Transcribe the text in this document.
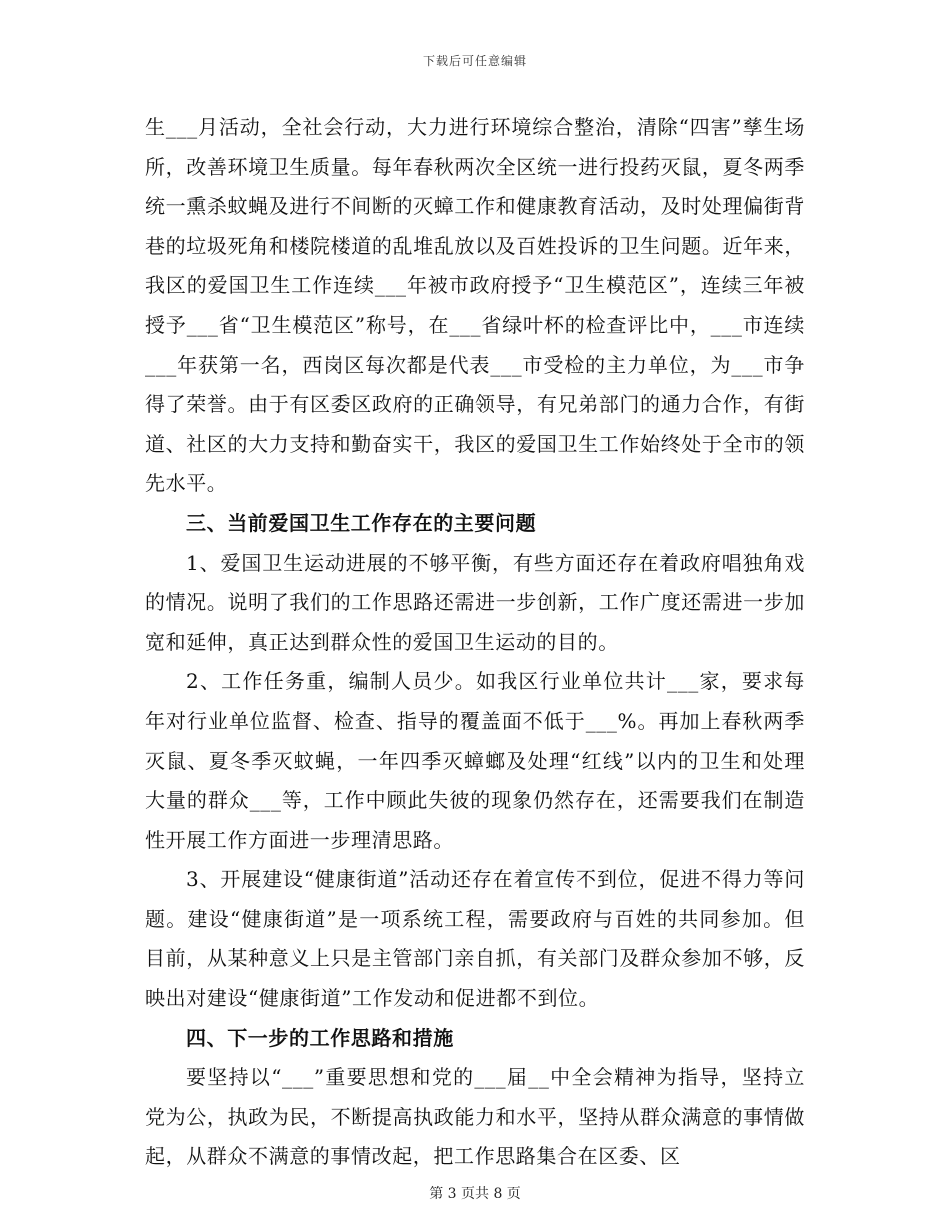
下载后可任意编辑

生___月活动，全社会行动，大力进行环境综合整治，清除“四害”孳生场所，改善环境卫生质量。每年春秋两次全区统一进行投药灭鼠，夏冬两季统一熏杀蚊蝇及进行不间断的灭蟑工作和健康教育活动，及时处理偏街背巷的垃圾死角和楼院楼道的乱堆乱放以及百姓投诉的卫生问题。近年来，我区的爱国卫生工作连续___年被市政府授予“卫生模范区”，连续三年被授予___省“卫生模范区”称号，在___省绿叶杯的检查评比中，___市连续___年获第一名，西岗区每次都是代表___市受检的主力单位，为___市争得了荣誉。由于有区委区政府的正确领导，有兄弟部门的通力合作，有街道、社区的大力支持和勤奋实干，我区的爱国卫生工作始终处于全市的领先水平。

三、当前爱国卫生工作存在的主要问题

1、爱国卫生运动进展的不够平衡，有些方面还存在着政府唱独角戏的情况。说明了我们的工作思路还需进一步创新，工作广度还需进一步加宽和延伸，真正达到群众性的爱国卫生运动的目的。

2、工作任务重，编制人员少。如我区行业单位共计___家，要求每年对行业单位监督、检查、指导的覆盖面不低于___%。再加上春秋两季灭鼠、夏冬季灭蚊蝇，一年四季灭蟑螂及处理“红线”以内的卫生和处理大量的群众___等，工作中顾此失彼的现象仍然存在，还需要我们在制造性开展工作方面进一步理清思路。

3、开展建设“健康街道”活动还存在着宣传不到位，促进不得力等问题。建设“健康街道”是一项系统工程，需要政府与百姓的共同参加。但目前，从某种意义上只是主管部门亲自抓，有关部门及群众参加不够，反映出对建设“健康街道”工作发动和促进都不到位。

四、下一步的工作思路和措施

要坚持以“___”重要思想和党的___届__中全会精神为指导，坚持立党为公，执政为民，不断提高执政能力和水平，坚持从群众满意的事情做起，从群众不满意的事情改起，把工作思路集合在区委、区

第 3 页共 8 页
